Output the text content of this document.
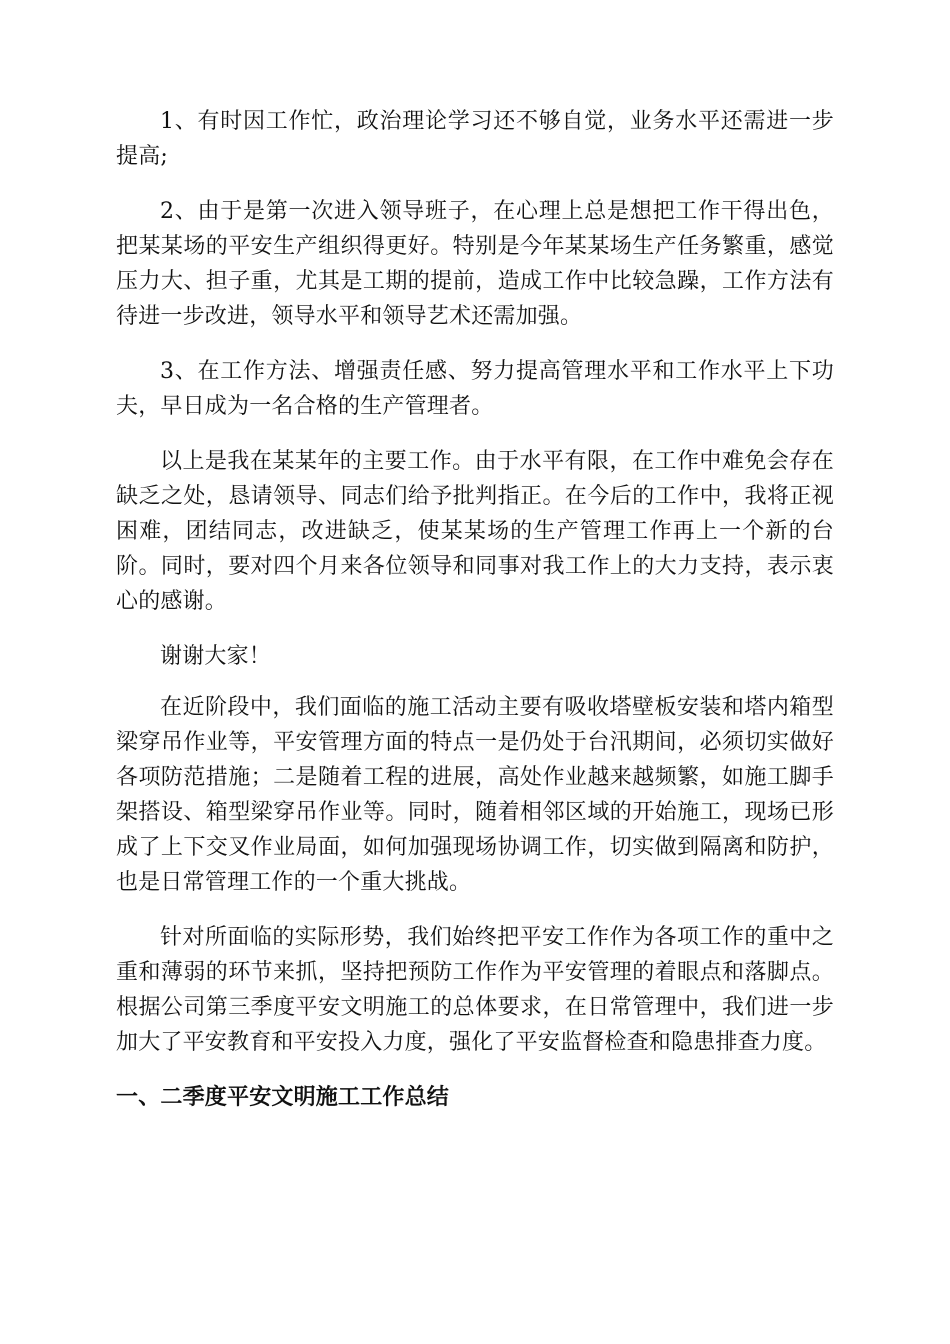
1、有时因工作忙，政治理论学习还不够自觉，业务水平还需进一步提高;

2、由于是第一次进入领导班子，在心理上总是想把工作干得出色，把某某场的平安生产组织得更好。特别是今年某某场生产任务繁重，感觉压力大、担子重，尤其是工期的提前，造成工作中比较急躁，工作方法有待进一步改进，领导水平和领导艺术还需加强。

3、在工作方法、增强责任感、努力提高管理水平和工作水平上下功夫，早日成为一名合格的生产管理者。

以上是我在某某年的主要工作。由于水平有限，在工作中难免会存在缺乏之处，恳请领导、同志们给予批判指正。在今后的工作中，我将正视困难，团结同志，改进缺乏，使某某场的生产管理工作再上一个新的台阶。同时，要对四个月来各位领导和同事对我工作上的大力支持，表示衷心的感谢。

谢谢大家！

在近阶段中，我们面临的施工活动主要有吸收塔壁板安装和塔内箱型梁穿吊作业等，平安管理方面的特点一是仍处于台汛期间，必须切实做好各项防范措施；二是随着工程的进展，高处作业越来越频繁，如施工脚手架搭设、箱型梁穿吊作业等。同时，随着相邻区域的开始施工，现场已形成了上下交叉作业局面，如何加强现场协调工作，切实做到隔离和防护，也是日常管理工作的一个重大挑战。

针对所面临的实际形势，我们始终把平安工作作为各项工作的重中之重和薄弱的环节来抓，坚持把预防工作作为平安管理的着眼点和落脚点。根据公司第三季度平安文明施工的总体要求，在日常管理中，我们进一步加大了平安教育和平安投入力度，强化了平安监督检查和隐患排查力度。

一、二季度平安文明施工工作总结
